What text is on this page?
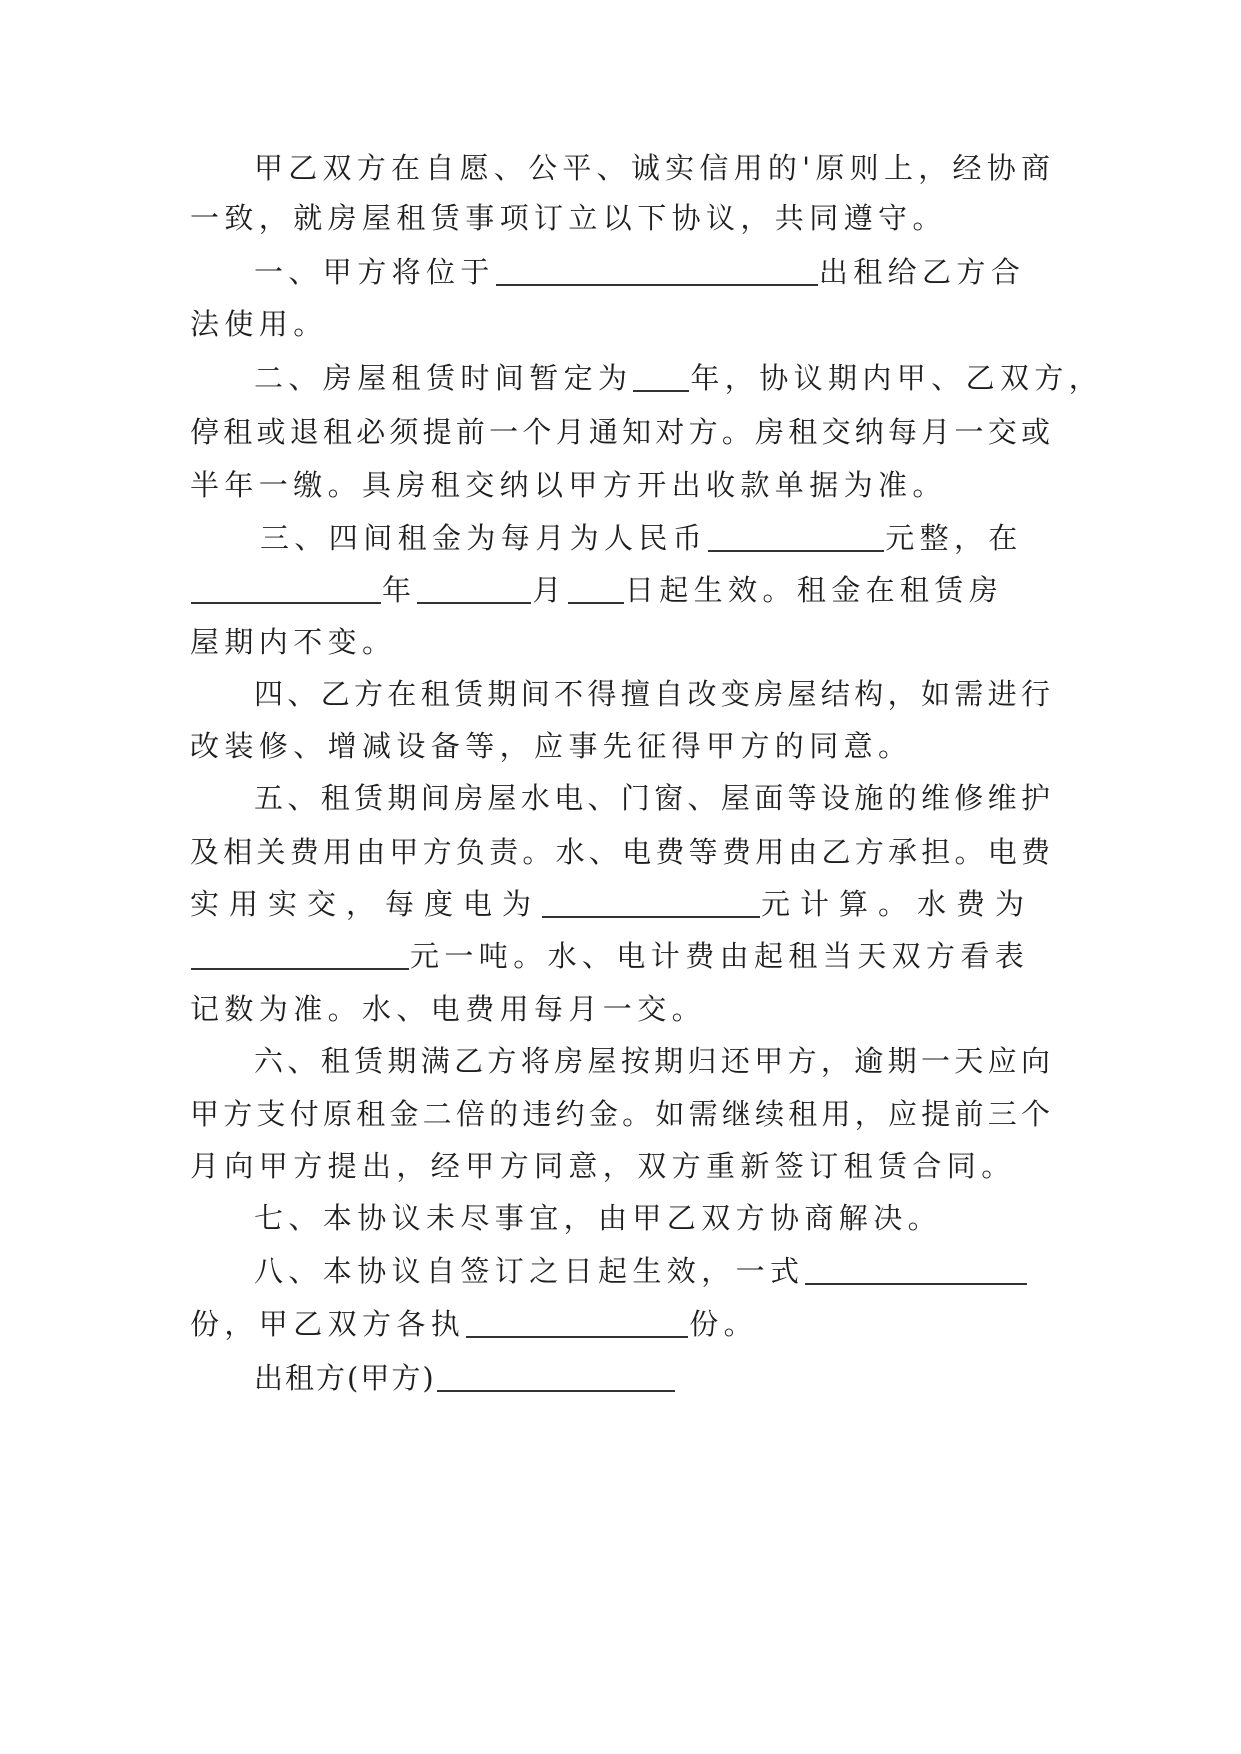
甲乙双方在自愿、公平、诚实信用的'原则上，经协商
一致，就房屋租赁事项订立以下协议，共同遵守。
一、甲方将位于	出租给乙方合
法使用。
二、房屋租赁时间暂定为 年，协议期内甲、乙双方，
停租或退租必须提前一个月通知对方。房租交纳每月一交或
半年一缴。具房租交纳以甲方开出收款单据为准。
三、四间租金为每月为人民币	元整，在
年	月 日起生效。租金在租赁房
屋期内不变。
四、乙方在租赁期间不得擅自改变房屋结构，如需进行
改装修、增减设备等，应事先征得甲方的同意。
五、租赁期间房屋水电、门窗、屋面等设施的维修维护
及相关费用由甲方负责。水、电费等费用由乙方承担。电费
实用实交，每度电为	元计算。水费为
元一吨。水、电计费由起租当天双方看表
记数为准。水、电费用每月一交。
六、租赁期满乙方将房屋按期归还甲方，逾期一天应向
甲方支付原租金二倍的违约金。如需继续租用，应提前三个
月向甲方提出，经甲方同意，双方重新签订租赁合同。
七、本协议未尽事宜，由甲乙双方协商解决。
八、本协议自签订之日起生效，一式
份，甲乙双方各执	份。
出租方(甲方)
